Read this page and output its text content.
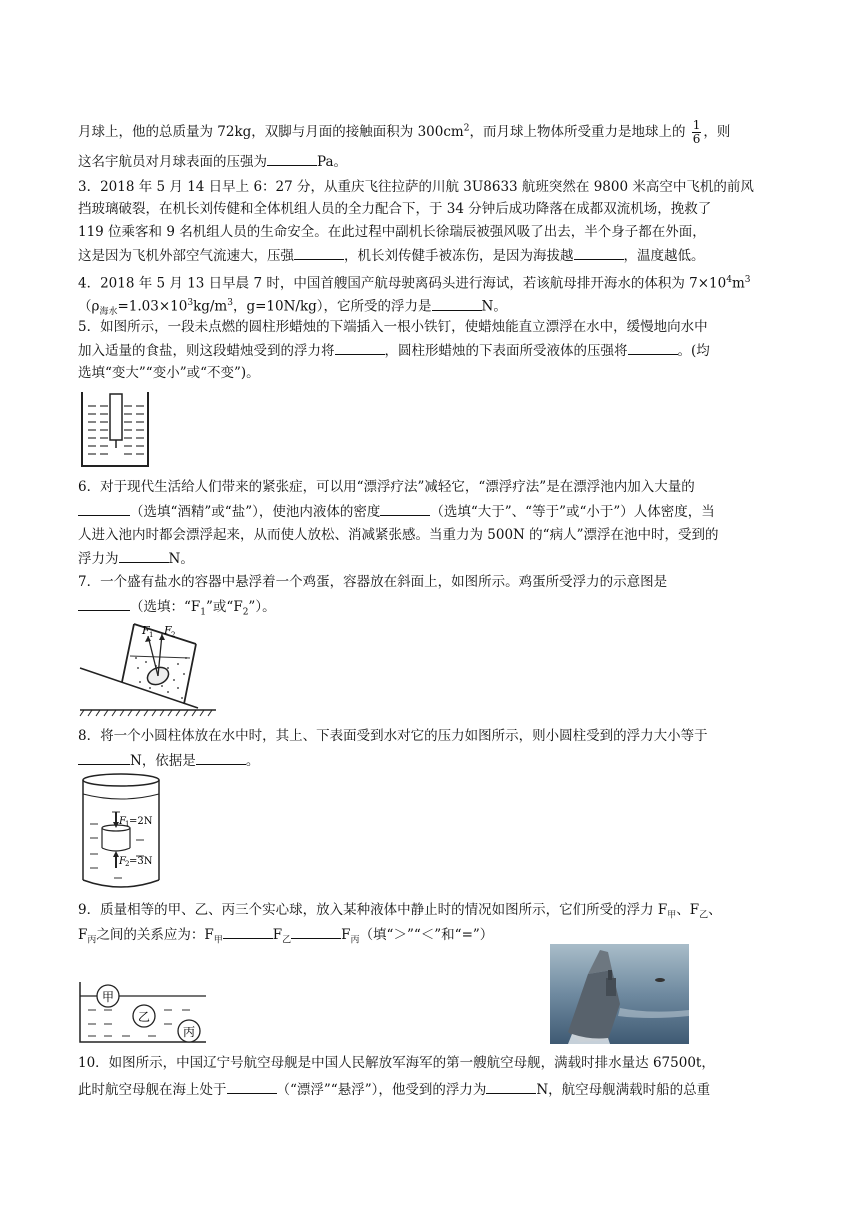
月球上，他的总质量为 72kg，双脚与月面的接触面积为 $300cm^2$，而月球上物体所受重力是地球上的 $\frac{1}{6}$ ，则
这名宇航员对月球表面的压强为	Pa。
3．2018 年 5 月 14 日早上 6：27 分，从重庆飞往拉萨的川航 3U8633 航班突然在 9800 米高空中飞机的前风
挡玻璃破裂，在机长刘传健和全体机组人员的全力配合下，于 34 分钟后成功降落在成都双流机场，挽救了
119 位乘客和 9 名机组人员的生命安全。在此过程中副机长徐瑞辰被强风吸了出去，半个身子都在外面，
这是因为飞机外部空气流速大，压强	，机长刘传健手被冻伤，是因为海拔越	，温度越低。
4．2018 年 5 月 13 日早晨 7 时，中国首艘国产航母驶离码头进行海试，若该航母排开海水的体积为 $7\times 10^4m^3$
（$\rho_{海水}=1.03\times 10^3kg/m^3$，g=10N/kg），它所受的浮力是	N。
5．如图所示，一段未点燃的圆柱形蜡烛的下端插入一根小铁钉，使蜡烛能直立漂浮在水中，缓慢地向水中
加入适量的食盐，则这段蜡烛受到的浮力将	，圆柱形蜡烛的下表面所受液体的压强将	。(均
选填“变大”“变小”或“不变”)。
6．对于现代生活给人们带来的紧张症，可以用“漂浮疗法”减轻它，“漂浮疗法”是在漂浮池内加入大量的
（选填“酒精”或“盐”），使池内液体的密度	（选填“大于”、“等于”或“小于”）人体密度，当
人进入池内时都会漂浮起来，从而使人放松、消减紧张感。当重力为 500N 的“病人”漂浮在池中时，受到的
浮力为	N。
7．一个盛有盐水的容器中悬浮着一个鸡蛋，容器放在斜面上，如图所示。鸡蛋所受浮力的示意图是
（选填：“$F_1$”或“$F_2$”）。
F 1 F 2
8．将一个小圆柱体放在水中时，其上、下表面受到水对它的压力如图所示，则小圆柱受到的浮力大小等于
N，依据是	。
F 1 =2N
F 2 =3N
9．质量相等的甲、乙、丙三个实心球，放入某种液体中静止时的情况如图所示，它们所受的浮力 $F_甲$、$F_乙$、
$F_丙$之间的关系应为：$F_甲$	$F_乙$	$F_丙$（填“＞”“＜”和“=”）
甲
乙
丙
10．如图所示，中国辽宁号航空母舰是中国人民解放军海军的第一艘航空母舰，满载时排水量达 67500t，
此时航空母舰在海上处于	（“漂浮”“悬浮”），他受到的浮力为	N，航空母舰满载时船的总重
